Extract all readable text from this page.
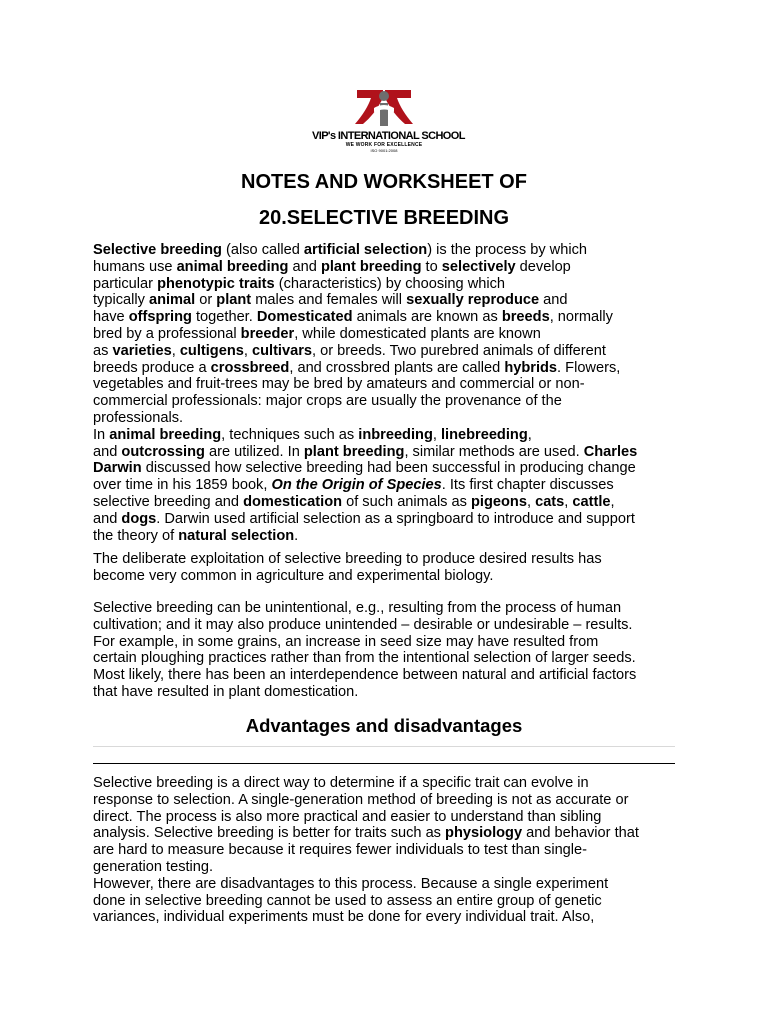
VIP's INTERNATIONAL SCHOOL
WE WORK FOR EXCELLENCE
ISO 9001:2008
NOTES AND WORKSHEET OF
20.SELECTIVE BREEDING
Selective breeding (also called artificial selection) is the process by which
humans use animal breeding and plant breeding to selectively develop
particular phenotypic traits (characteristics) by choosing which
typically animal or plant males and females will sexually reproduce and
have offspring together. Domesticated animals are known as breeds, normally
bred by a professional breeder, while domesticated plants are known
as varieties, cultigens, cultivars, or breeds. Two purebred animals of different
breeds produce a crossbreed, and crossbred plants are called hybrids. Flowers,
vegetables and fruit-trees may be bred by amateurs and commercial or non-
commercial professionals: major crops are usually the provenance of the
professionals.
In animal breeding, techniques such as inbreeding, linebreeding,
and outcrossing are utilized. In plant breeding, similar methods are used. Charles
Darwin discussed how selective breeding had been successful in producing change
over time in his 1859 book, On the Origin of Species. Its first chapter discusses
selective breeding and domestication of such animals as pigeons, cats, cattle,
and dogs. Darwin used artificial selection as a springboard to introduce and support
the theory of natural selection.
The deliberate exploitation of selective breeding to produce desired results has
become very common in agriculture and experimental biology.
Selective breeding can be unintentional, e.g., resulting from the process of human
cultivation; and it may also produce unintended – desirable or undesirable – results.
For example, in some grains, an increase in seed size may have resulted from
certain ploughing practices rather than from the intentional selection of larger seeds.
Most likely, there has been an interdependence between natural and artificial factors
that have resulted in plant domestication.
Advantages and disadvantages
Selective breeding is a direct way to determine if a specific trait can evolve in
response to selection. A single-generation method of breeding is not as accurate or
direct. The process is also more practical and easier to understand than sibling
analysis. Selective breeding is better for traits such as physiology and behavior that
are hard to measure because it requires fewer individuals to test than single-
generation testing.
However, there are disadvantages to this process. Because a single experiment
done in selective breeding cannot be used to assess an entire group of genetic
variances, individual experiments must be done for every individual trait. Also,
